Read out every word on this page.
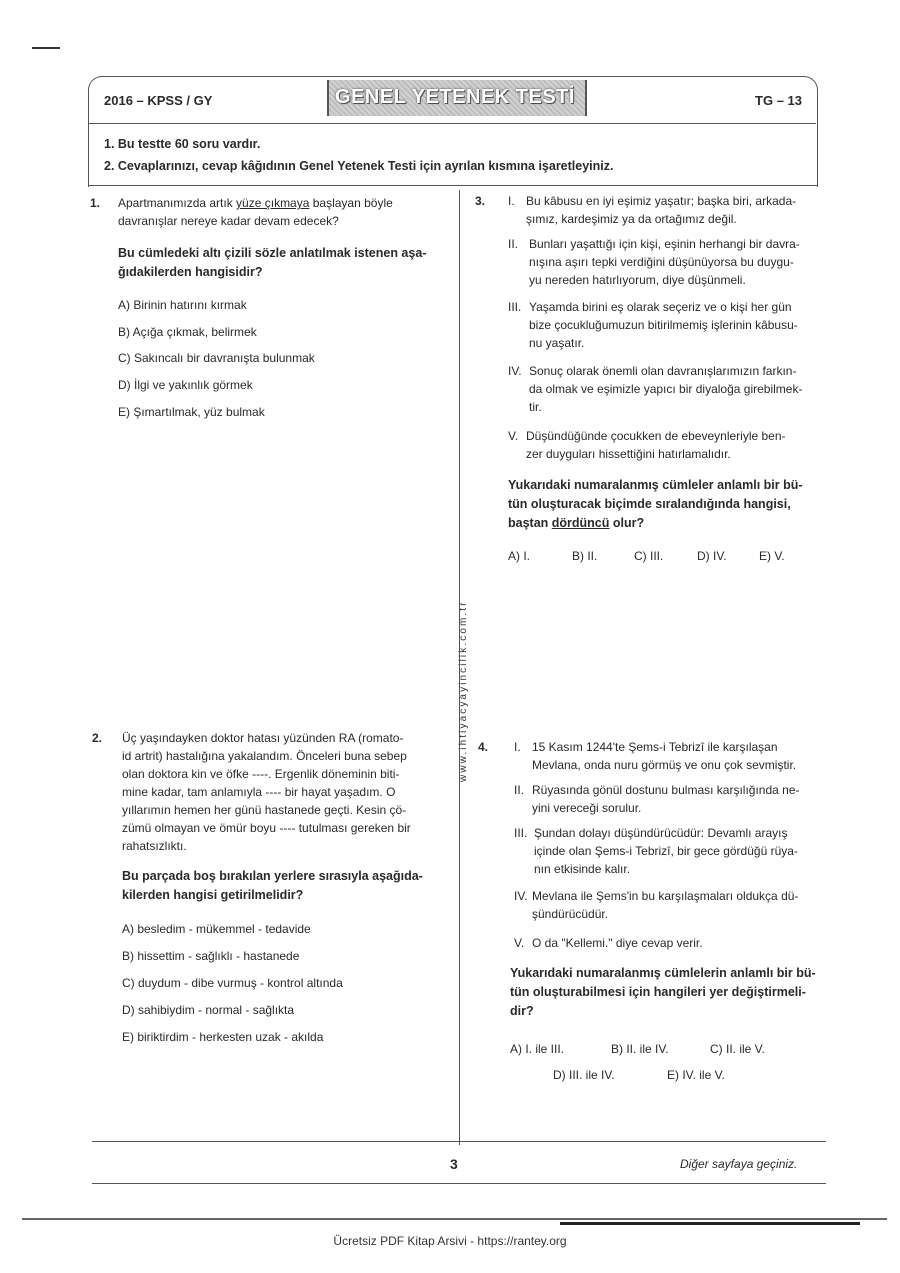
2016 – KPSS / GY	GENEL YETENEK TESTİ	TG – 13
1. Bu testte 60 soru vardır.
2. Cevaplarınızı, cevap kâğıdının Genel Yetenek Testi için ayrılan kısmına işaretleyiniz.
www.ihtiyacyayincilik.com.tr
1. Apartmanımızda artık yüze çıkmaya başlayan böyle
davranışlar nereye kadar devam edecek?
Bu cümledeki altı çizili sözle anlatılmak istenen aşa-
ğıdakilerden hangisidir?
A) Birinin hatırını kırmak
B) Açığa çıkmak, belirmek
C) Sakıncalı bir davranışta bulunmak
D) İlgi ve yakınlık görmek
E) Şımartılmak, yüz bulmak
2. Üç yaşındayken doktor hatası yüzünden RA (romato-
id artrit) hastalığına yakalandım. Önceleri buna sebep
olan doktora kin ve öfke ----. Ergenlik döneminin biti-
mine kadar, tam anlamıyla ---- bir hayat yaşadım. O
yıllarımın hemen her günü hastanede geçti. Kesin çö-
zümü olmayan ve ömür boyu ---- tutulması gereken bir
rahatsızlıktı.
Bu parçada boş bırakılan yerlere sırasıyla aşağıda-
kilerden hangisi getirilmelidir?
A) besledim - mükemmel - tedavide
B) hissettim - sağlıklı - hastanede
C) duydum - dibe vurmuş - kontrol altında
D) sahibiydim - normal - sağlıkta
E) biriktirdim - herkesten uzak - akılda
3. I. Bu kâbusu en iyi eşimiz yaşatır; başka biri, arkada-
şımız, kardeşimiz ya da ortağımız değil.
II. Bunları yaşattığı için kişi, eşinin herhangi bir davra-
nışına aşırı tepki verdiğini düşünüyorsa bu duygu-
yu nereden hatırlıyorum, diye düşünmeli.
III. Yaşamda birini eş olarak seçeriz ve o kişi her gün
bize çocukluğumuzun bitirilmemiş işlerinin kâbusu-
nu yaşatır.
IV. Sonuç olarak önemli olan davranışlarımızın farkın-
da olmak ve eşimizle yapıcı bir diyaloğa girebilmek-
tir.
V. Düşündüğünde çocukken de ebeveynleriyle ben-
zer duyguları hissettiğini hatırlamalıdır.
Yukarıdaki numaralanmış cümleler anlamlı bir bü-
tün oluşturacak biçimde sıralandığında hangisi,
baştan dördüncü olur?
A) I.	B) II.	C) III.	D) IV.	E) V.
4. I. 15 Kasım 1244'te Şems-i Tebrizî ile karşılaşan
Mevlana, onda nuru görmüş ve onu çok sevmiştir.
II. Rüyasında gönül dostunu bulması karşılığında ne-
yini vereceği sorulur.
III. Şundan dolayı düşündürücüdür: Devamlı arayış
içinde olan Şems-i Tebrizî, bir gece gördüğü rüya-
nın etkisinde kalır.
IV. Mevlana ile Şems'in bu karşılaşmaları oldukça dü-
şündürücüdür.
V. O da "Kellemi." diye cevap verir.
Yukarıdaki numaralanmış cümlelerin anlamlı bir bü-
tün oluşturabilmesi için hangileri yer değiştirmeli-
dir?
A) I. ile III.	B) II. ile IV.	C) II. ile V.
D) III. ile IV.	E) IV. ile V.
3	Diğer sayfaya geçiniz.
Ücretsiz PDF Kitap Arsivi - https://rantey.org
